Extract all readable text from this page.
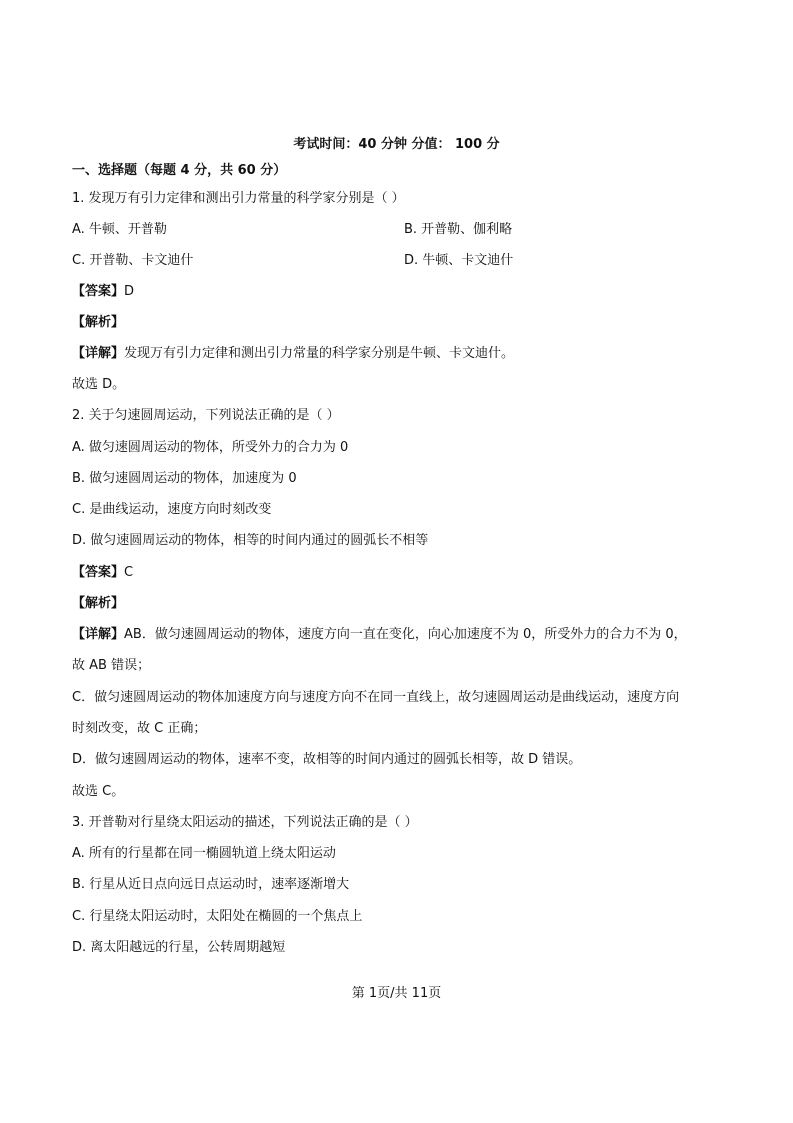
考试时间：40 分钟 分值： 100 分
一、选择题（每题 4 分，共 60 分）
1. 发现万有引力定律和测出引力常量的科学家分别是（ ）
A. 牛顿、开普勒	B. 开普勒、伽利略
C. 开普勒、卡文迪什	D. 牛顿、卡文迪什
【答案】D
【解析】
【详解】发现万有引力定律和测出引力常量的科学家分别是牛顿、卡文迪什。
故选 D。
2. 关于匀速圆周运动，下列说法正确的是（ ）
A. 做匀速圆周运动的物体，所受外力的合力为 0
B. 做匀速圆周运动的物体，加速度为 0
C. 是曲线运动，速度方向时刻改变
D. 做匀速圆周运动的物体，相等的时间内通过的圆弧长不相等
【答案】C
【解析】
【详解】AB．做匀速圆周运动的物体，速度方向一直在变化，向心加速度不为 0，所受外力的合力不为 0，
故 AB 错误；
C．做匀速圆周运动的物体加速度方向与速度方向不在同一直线上，故匀速圆周运动是曲线运动，速度方向
时刻改变，故 C 正确；
D．做匀速圆周运动的物体，速率不变，故相等的时间内通过的圆弧长相等，故 D 错误。
故选 C。
3. 开普勒对行星绕太阳运动的描述，下列说法正确的是（ ）
A. 所有的行星都在同一椭圆轨道上绕太阳运动
B. 行星从近日点向远日点运动时，速率逐渐增大
C. 行星绕太阳运动时，太阳处在椭圆的一个焦点上
D. 离太阳越远的行星，公转周期越短
第 1页/共 11页
